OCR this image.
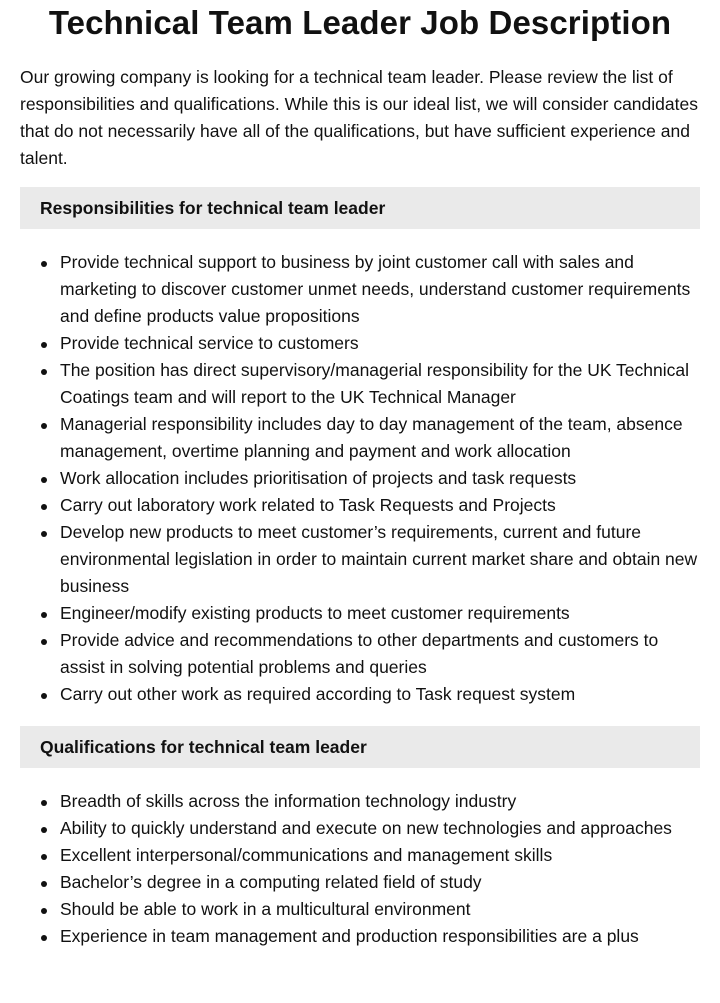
Technical Team Leader Job Description

Our growing company is looking for a technical team leader. Please review the list of responsibilities and qualifications. While this is our ideal list, we will consider candidates that do not necessarily have all of the qualifications, but have sufficient experience and talent.

Responsibilities for technical team leader
Provide technical support to business by joint customer call with sales and marketing to discover customer unmet needs, understand customer requirements and define products value propositions
Provide technical service to customers
The position has direct supervisory/managerial responsibility for the UK Technical Coatings team and will report to the UK Technical Manager
Managerial responsibility includes day to day management of the team, absence management, overtime planning and payment and work allocation
Work allocation includes prioritisation of projects and task requests
Carry out laboratory work related to Task Requests and Projects
Develop new products to meet customer’s requirements, current and future environmental legislation in order to maintain current market share and obtain new business
Engineer/modify existing products to meet customer requirements
Provide advice and recommendations to other departments and customers to assist in solving potential problems and queries
Carry out other work as required according to Task request system
Qualifications for technical team leader
Breadth of skills across the information technology industry
Ability to quickly understand and execute on new technologies and approaches
Excellent interpersonal/communications and management skills
Bachelor’s degree in a computing related field of study
Should be able to work in a multicultural environment
Experience in team management and production responsibilities are a plus
